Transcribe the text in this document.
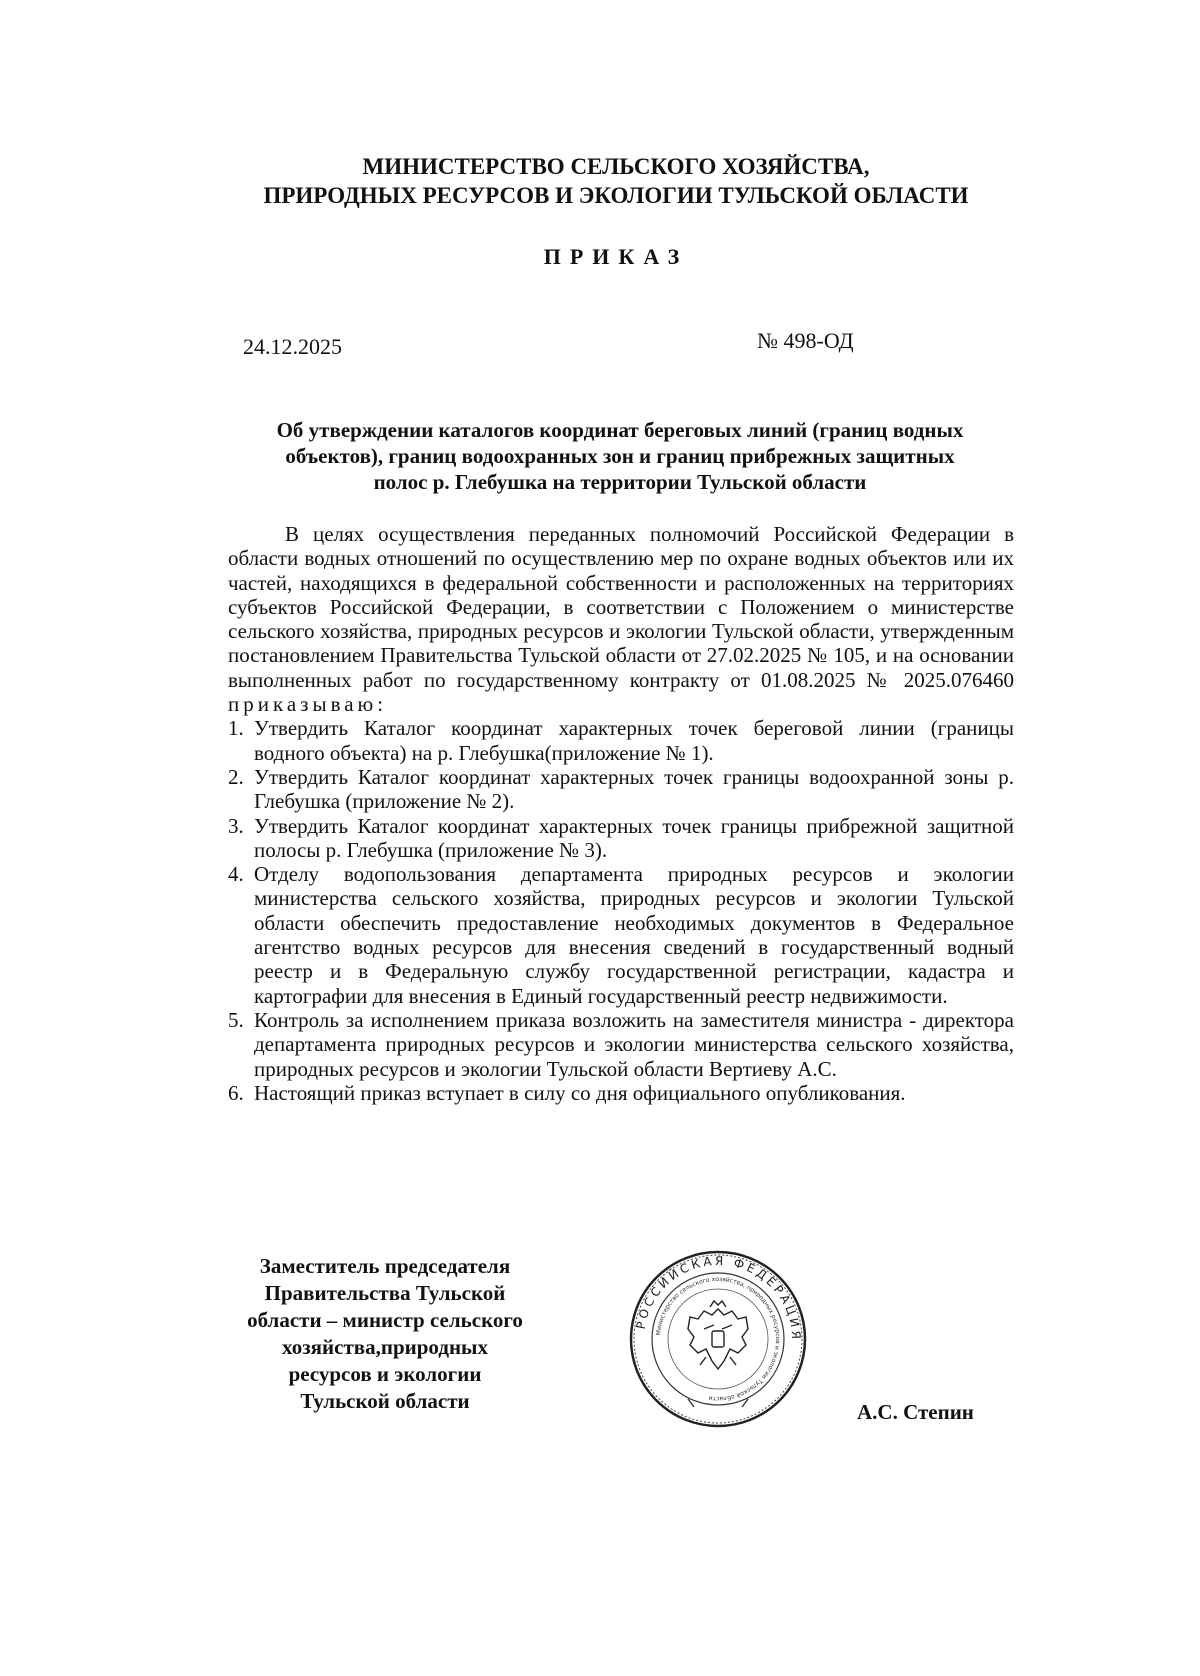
МИНИСТЕРСТВО СЕЛЬСКОГО ХОЗЯЙСТВА,
ПРИРОДНЫХ РЕСУРСОВ И ЭКОЛОГИИ ТУЛЬСКОЙ ОБЛАСТИ
ПРИКАЗ
24.12.2025	№ 498-ОД
Об утверждении каталогов координат береговых линий (границ водных
объектов), границ водоохранных зон и границ прибрежных защитных
полос р. Глебушка на территории Тульской области

В целях осуществления переданных полномочий Российской Федерации в области водных отношений по осуществлению мер по охране водных объектов или их частей, находящихся в федеральной собственности и расположенных на территориях субъектов Российской Федерации, в соответствии с Положением о министерстве сельского хозяйства, природных ресурсов и экологии Тульской области, утвержденным постановлением Правительства Тульской области от 27.02.2025 № 105, и на основании выполненных работ по государственному контракту от 01.08.2025 № 2025.076460 приказываю:

1. Утвердить Каталог координат характерных точек береговой линии (границы водного объекта) на р. Глебушка(приложение № 1).
2. Утвердить Каталог координат характерных точек границы водоохранной зоны р. Глебушка (приложение № 2).
3. Утвердить Каталог координат характерных точек границы прибрежной защитной полосы р. Глебушка (приложение № 3).
4. Отделу водопользования департамента природных ресурсов и экологии министерства сельского хозяйства, природных ресурсов и экологии Тульской области обеспечить предоставление необходимых документов в Федеральное агентство водных ресурсов для внесения сведений в государственный водный реестр и в Федеральную службу государственной регистрации, кадастра и картографии для внесения в Единый государственный реестр недвижимости.
5. Контроль за исполнением приказа возложить на заместителя министра - директора департамента природных ресурсов и экологии министерства сельского хозяйства, природных ресурсов и экологии Тульской области Вертиеву А.С.
6. Настоящий приказ вступает в силу со дня официального опубликования.
Заместитель председателя
Правительства Тульской
области – министр сельского
хозяйства,природных
ресурсов и экологии
Тульской области
РОССИЙСКАЯ ФЕДЕРАЦИЯ
Министерство сельского хозяйства, природных ресурсов и экологии Тульской области
А.С. Степин
